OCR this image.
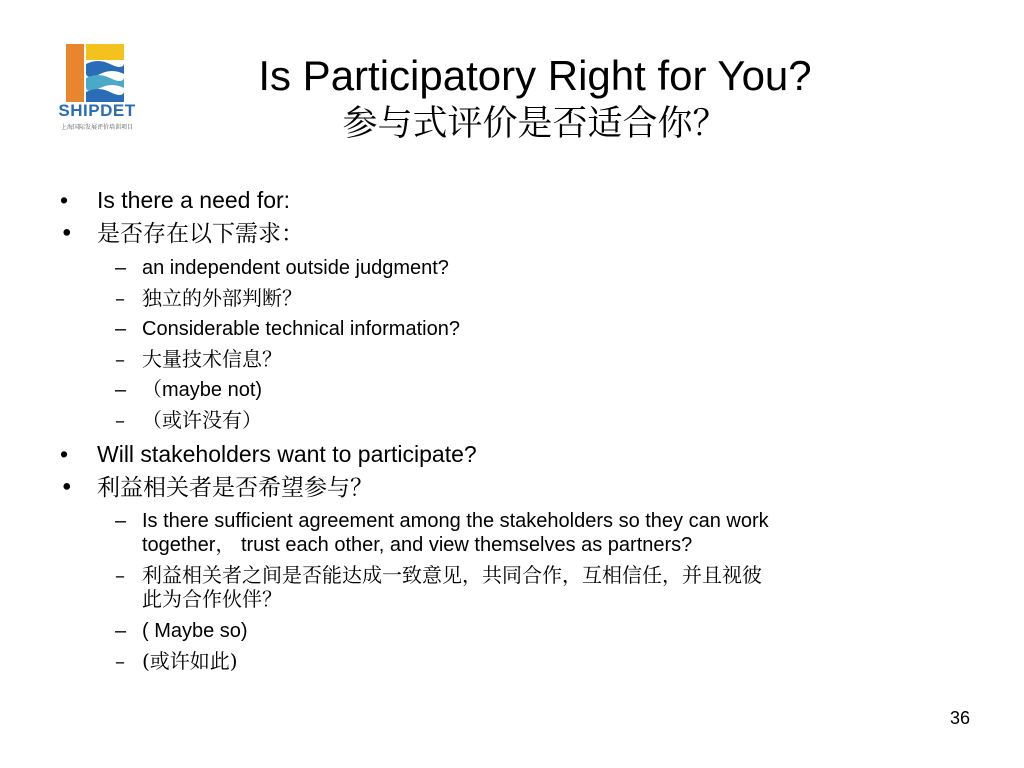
SHIPDET
上海国际发展评价培训项目
Is Participatory Right for You?
参与式评价是否适合你？
• Is there a need for:
• 是否存在以下需求：
– an independent outside judgment?
– 独立的外部判断？
– Considerable technical information?
– 大量技术信息？
– （maybe not)
– （或许没有）
• Will stakeholders want to participate?
• 利益相关者是否希望参与？
– Is there sufficient agreement among the stakeholders so they can work
together， trust each other, and view themselves as partners?
– 利益相关者之间是否能达成一致意见，共同合作，互相信任，并且视彼
此为合作伙伴？
– ( Maybe so)
– (或许如此)
36
